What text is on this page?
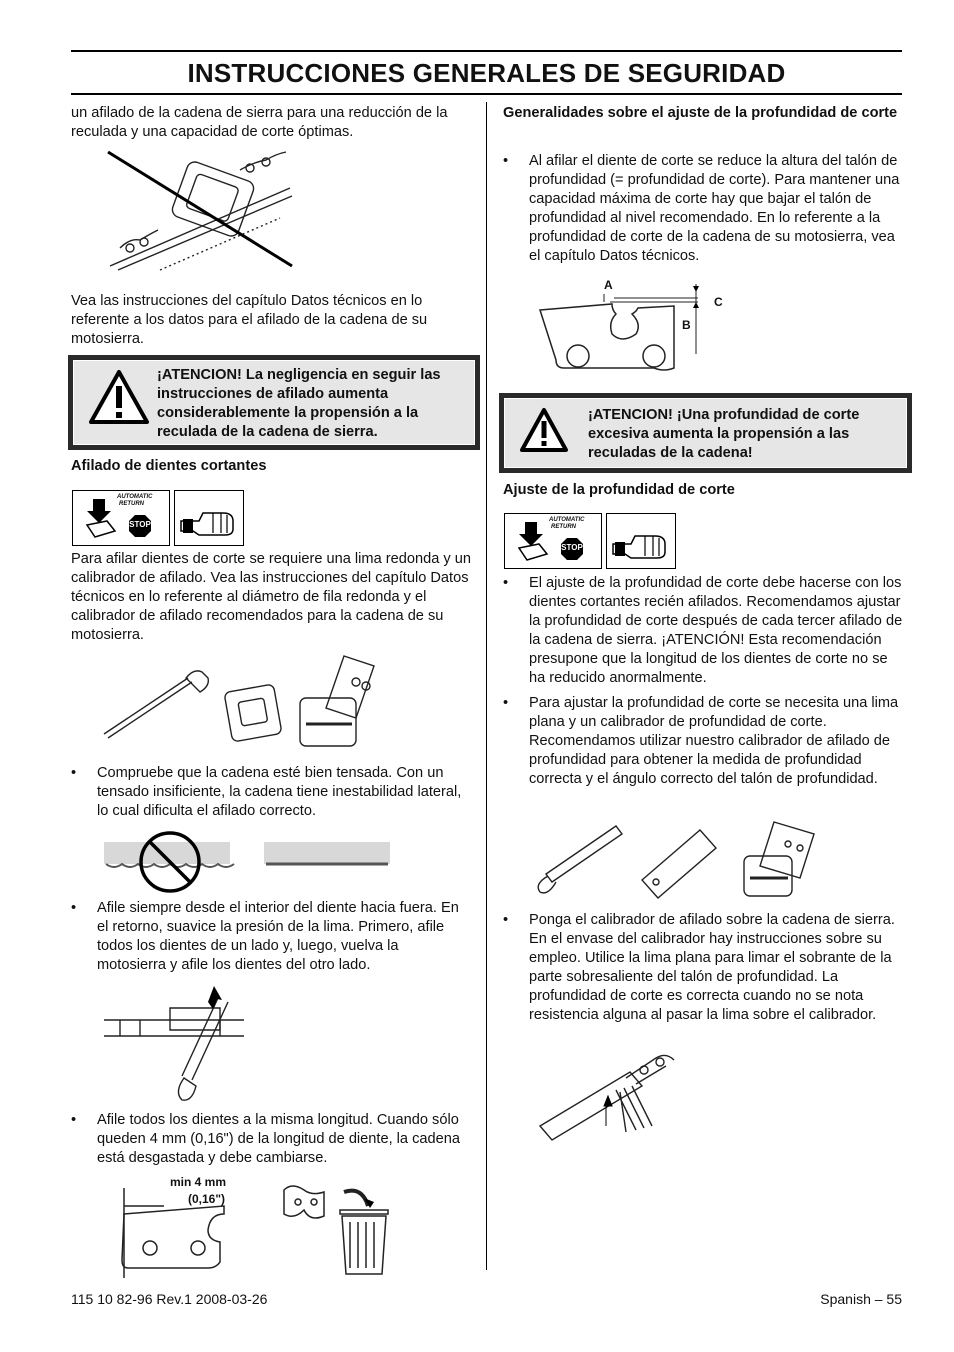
INSTRUCCIONES GENERALES DE SEGURIDAD
un afilado de la cadena de sierra para una reducción de la reculada y una capacidad de corte óptimas.
Vea las instrucciones del capítulo Datos técnicos en lo referente a los datos para el afilado de la cadena de su motosierra.
¡ATENCION! La negligencia en seguir las instrucciones de afilado aumenta considerablemente la propensión a la reculada de la cadena de sierra.
Afilado de dientes cortantes
AUTOMATIC
RETURN
STOP
Para afilar dientes de corte se requiere una lima redonda y un calibrador de afilado. Vea las instrucciones del capítulo Datos técnicos en lo referente al diámetro de fila redonda y el calibrador de afilado recomendados para la cadena de su motosierra.
• Compruebe que la cadena esté bien tensada. Con un tensado insificiente, la cadena tiene inestabilidad lateral, lo cual dificulta el afilado correcto.
• Afile siempre desde el interior del diente hacia fuera. En el retorno, suavice la presión de la lima. Primero, afile todos los dientes de un lado y, luego, vuelva la motosierra y afile los dientes del otro lado.
• Afile todos los dientes a la misma longitud. Cuando sólo queden 4 mm (0,16") de la longitud de diente, la cadena está desgastada y debe cambiarse.
min 4 mm
(0,16")
Generalidades sobre el ajuste de la profundidad de corte
• Al afilar el diente de corte se reduce la altura del talón de profundidad (= profundidad de corte). Para mantener una capacidad máxima de corte hay que bajar el talón de profundidad al nivel recomendado. En lo referente a la profundidad de corte de la cadena de su motosierra, vea el capítulo Datos técnicos.
A
C
B
¡ATENCION! ¡Una profundidad de corte excesiva aumenta la propensión a las reculadas de la cadena!
Ajuste de la profundidad de corte
AUTOMATIC
RETURN
STOP
• El ajuste de la profundidad de corte debe hacerse con los dientes cortantes recién afilados. Recomendamos ajustar la profundidad de corte después de cada tercer afilado de la cadena de sierra. ¡ATENCIÓN! Esta recomendación presupone que la longitud de los dientes de corte no se ha reducido anormalmente.
• Para ajustar la profundidad de corte se necesita una lima plana y un calibrador de profundidad de corte. Recomendamos utilizar nuestro calibrador de afilado de profundidad para obtener la medida de profundidad correcta y el ángulo correcto del talón de profundidad.
• Ponga el calibrador de afilado sobre la cadena de sierra. En el envase del calibrador hay instrucciones sobre su empleo. Utilice la lima plana para limar el sobrante de la parte sobresaliente del talón de profundidad. La profundidad de corte es correcta cuando no se nota resistencia alguna al pasar la lima sobre el calibrador.
115 10 82-96 Rev.1 2008-03-26	Spanish – 55
